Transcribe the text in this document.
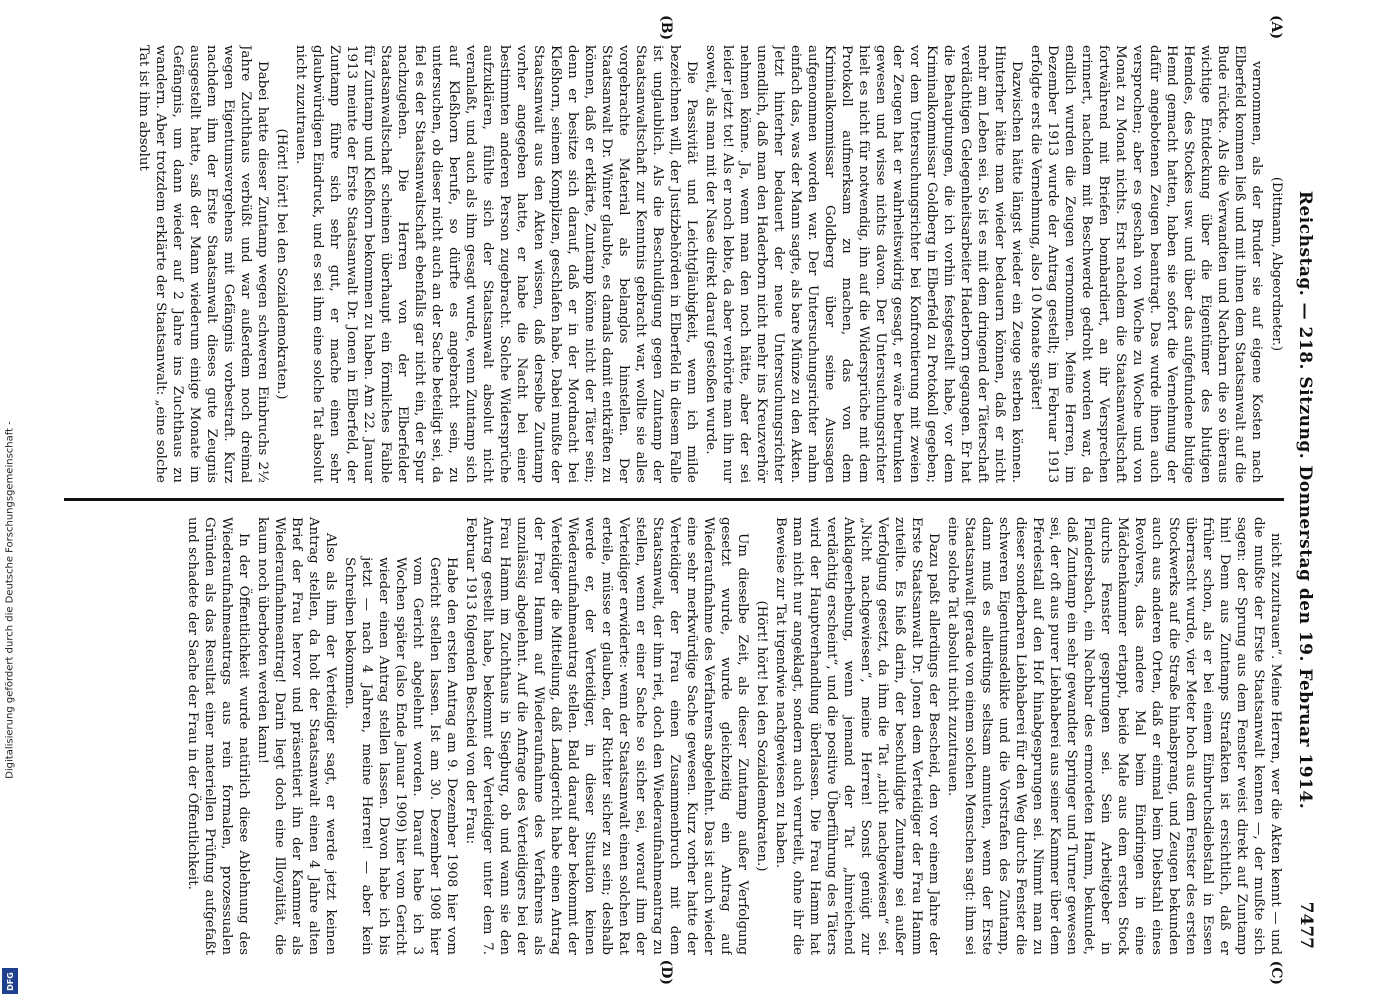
Digitalisierung gefördert durch die Deutsche Forschungsgemeinschaft -
DFG
Reichstag. — 218. Sitzung. Donnerstag den 19. Februar 1914.
7477
(Dittmann, Abgeordneter.)

vernommen, als der Bruder sie auf eigene Kosten nach Elberfeld kommen ließ und mit ihnen dem Staatsanwalt auf die Bude rückte. Als die Verwandten und Nachbarn die so überaus wichtige Entdeckung über die Eigentümer des blutigen Hemdes, des Stockes usw. und über das aufgefundene blutige Hemd gemacht hatten, haben sie sofort die Vernehmung der dafür angebotenen Zeugen beantragt. Das wurde ihnen auch versprochen; aber es geschah von Woche zu Woche und von Monat zu Monat nichts. Erst nachdem die Staatsanwaltschaft fortwährend mit Briefen bombardiert, an ihr Versprechen erinnert, nachdem mit Beschwerde gedroht worden war, da endlich wurden die Zeugen vernommen. Meine Herren, im Dezember 1913 wurde der Antrag gestellt; im Februar 1913 erfolgte erst die Vernehmung, also 10 Monate später!

Dazwischen hätte längst wieder ein Zeuge sterben können. Hinterher hätte man wieder bedauern können, daß er nicht mehr am Leben sei. So ist es mit dem dringend der Täterschaft verdächtigen Gelegenheitsarbeiter Haderborn gegangen. Er hat die Behauptungen, die ich vorhin festgestellt habe, vor dem Kriminalkommissar Goldberg in Elberfeld zu Protokoll gegeben; vor dem Untersuchungsrichter bei Konfrontierung mit zweien der Zeugen hat er wahrheitswidrig gesagt, er wäre betrunken gewesen und wisse nichts davon. Der Untersuchungsrichter hielt es nicht für notwendig, ihn auf die Widersprüche mit dem Protokoll aufmerksam zu machen, das von dem Kriminalkommissar Goldberg über seine Aussagen aufgenommen worden war. Der Untersuchungsrichter nahm einfach das, was der Mann sagte, als bare Münze zu den Akten. Jetzt hinterher bedauert der neue Untersuchungsrichter unendlich, daß man den Haderborn nicht mehr ins Kreuzverhör nehmen könne. Ja, wenn man den noch hätte, aber der sei leider jetzt tot! Als er noch lebte, da aber verhörte man ihn nur soweit, als man mit der Nase direkt darauf gestoßen wurde.

Die Passivität und Leichtgläubigkeit, wenn ich milde bezeichnen will, der Justizbehörden in Elberfeld in diesem Falle ist unglaublich. Als die Beschuldigung gegen Zuntamp der Staatsanwaltschaft zur Kenntnis gebracht war, wollte sie alles vorgebrachte Material als belanglos hinstellen. Der Staatsanwalt Dr. Winter glaubte, es damals damit entkräften zu können, daß er erklärte, Zuntamp könne nicht der Täter sein; denn er besitze sich darauf, daß er in der Mordnacht bei Kleßhorn, seinem Komplizen, geschlafen habe. Dabei mußte der Staatsanwalt aus den Akten wissen, daß derselbe Zuntamp vorher angegeben hatte, er habe die Nacht bei einer bestimmten anderen Person zugebracht. Solche Widersprüche aufzuklären, fühlte sich der Staatsanwalt absolut nicht veranlaßt, und auch als ihm gesagt wurde, wenn Zuntamp sich auf Kleßhorn berufe, so dürfte es angebracht sein, zu untersuchen, ob dieser nicht auch an der Sache beteiligt sei, da fiel es der Staatsanwaltschaft ebenfalls gar nicht ein, der Spur nachzugehen. Die Herren von der Elberfelder Staatsanwaltschaft scheinen überhaupt ein förmliches Faible für Zuntamp und Kleßhorn bekommen zu haben. Am 22. Januar 1913 meinte der Erste Staatsanwalt Dr. Jonen in Elberfeld, der Zuntamp führe sich sehr gut, er mache einen sehr glaubwürdigen Eindruck, und es sei ihm eine solche Tat absolut nicht zuzutrauen.

(Hört! hört! bei den Sozialdemokraten.)

Dabei hatte dieser Zuntamp wegen schweren Einbruchs 2½ Jahre Zuchthaus verbüßt und war außerdem noch dreimal wegen Eigentumsvergehens mit Gefängnis vorbestraft. Kurz nachdem ihm der Erste Staatsanwalt dieses gute Zeugnis ausgestellt hatte, saß der Mann wiederum einige Monate im Gefängnis, um dann wieder auf 2 Jahre ins Zuchthaus zu wandern. Aber trotzdem erklärte der Staatsanwalt: „eine solche Tat ist ihm absolut

nicht zuzutrauen“. Meine Herren, wer die Akten kennt — und die mußte der Erste Staatsanwalt kennen —, der mußte sich sagen: der Sprung aus dem Fenster weist direkt auf Zuntamp hin! Denn aus Zuntamps Strafakten ist ersichtlich, daß er früher schon, als er bei einem Einbruchsdiebstahl in Essen überrascht wurde, vier Meter hoch aus dem Fenster des ersten Stockwerks auf die Straße hinabsprang, und Zeugen bekunden auch aus anderen Orten, daß er einmal beim Diebstahl eines Revolvers, das andere Mal beim Eindringen in eine Mädchenkammer ertappt, beide Male aus dem ersten Stock durchs Fenster gesprungen sei. Sein Arbeitgeber in Flandersbach, ein Nachbar des ermordeten Hamm, bekundet, daß Zuntamp ein sehr gewandter Springer und Turner gewesen sei, der oft aus purer Liebhaberei aus seiner Kammer über dem Pferdestall auf den Hof hinabgesprungen sei. Nimmt man zu dieser sonderbaren Liebhaberei für den Weg durchs Fenster die schweren Eigentumsdelikte und die Vorstrafen des Zuntamp, dann muß es allerdings seltsam anmuten, wenn der Erste Staatsanwalt gerade von einem solchen Menschen sagt: ihm sei eine solche Tat absolut nicht zuzutrauen.

Dazu paßt allerdings der Bescheid, den vor einem Jahre der Erste Staatsanwalt Dr. Jonen dem Verteidiger der Frau Hamm zuteilte. Es hieß darin, der beschuldigte Zuntamp sei außer Verfolgung gesetzt, da ihm die Tat „nicht nachgewiesen“ sei. „Nicht nachgewiesen“, meine Herren! Sonst genügt zur Anklageerhebung, wenn jemand der Tat „hinreichend verdächtig erscheint“, und die positive Überführung des Täters wird der Hauptverhandlung überlassen. Die Frau Hamm hat man nicht nur angeklagt, sondern auch verurteilt, ohne ihr die Beweise zur Tat irgendwie nachgewiesen zu haben.

(Hört! hört! bei den Sozialdemokraten.)

Um dieselbe Zeit, als dieser Zuntamp außer Verfolgung gesetzt wurde, wurde gleichzeitig ein Antrag auf Wiederaufnahme des Verfahrens abgelehnt. Das ist auch wieder eine sehr merkwürdige Sache gewesen. Kurz vorher hatte der Verteidiger der Frau einen Zusammenbruch mit dem Staatsanwalt, der ihm riet, doch den Wiederaufnahmeantrag zu stellen, wenn er einer Sache so sicher sei, worauf ihm der Verteidiger erwiderte: wenn der Staatsanwalt einen solchen Rat erteile, müsse er glauben, der Richter sicher zu sein; deshalb werde er, der Verteidiger, in dieser Situation keinen Wiederaufnahmeantrag stellen. Bald darauf aber bekommt der Verteidiger die Mitteilung, daß Landgericht habe einen Antrag der Frau Hamm auf Wiederaufnahme des Verfahrens als unzulässig abgelehnt. Auf die Anfrage des Verteidigers bei der Frau Hamm im Zuchthaus in Siegburg, ob und wann sie den Antrag gestellt habe, bekommt der Verteidiger unter dem 7. Februar 1913 folgenden Bescheid von der Frau:

Habe den ersten Antrag am 9. Dezember 1908 hier vom Gericht stellen lassen. Ist am 30. Dezember 1908 hier vom Gericht abgelehnt worden. Darauf habe ich 3 Wochen später (also Ende Januar 1909) hier vom Gericht wieder einen Antrag stellen lassen. Davon habe ich bis jetzt — nach 4 Jahren, meine Herren! — aber kein Schreiben bekommen.

Also als ihm der Verteidiger sagt, er werde jetzt keinen Antrag stellen, da holt der Staatsanwalt einen 4 Jahre alten Brief der Frau hervor und präsentiert ihn der Kammer als Wiederaufnahmeantrag! Darin liegt doch eine Illoyalität, die kaum noch überboten werden kann!

In der Öffentlichkeit wurde natürlich diese Ablehnung des Wiederaufnahmeantrags aus rein formalen, prozessualen Gründen als das Resultat einer materiellen Prüfung aufgefaßt und schadete der Sache der Frau in der Öffentlichkeit.

(A)
(B)
(C)
(D)
